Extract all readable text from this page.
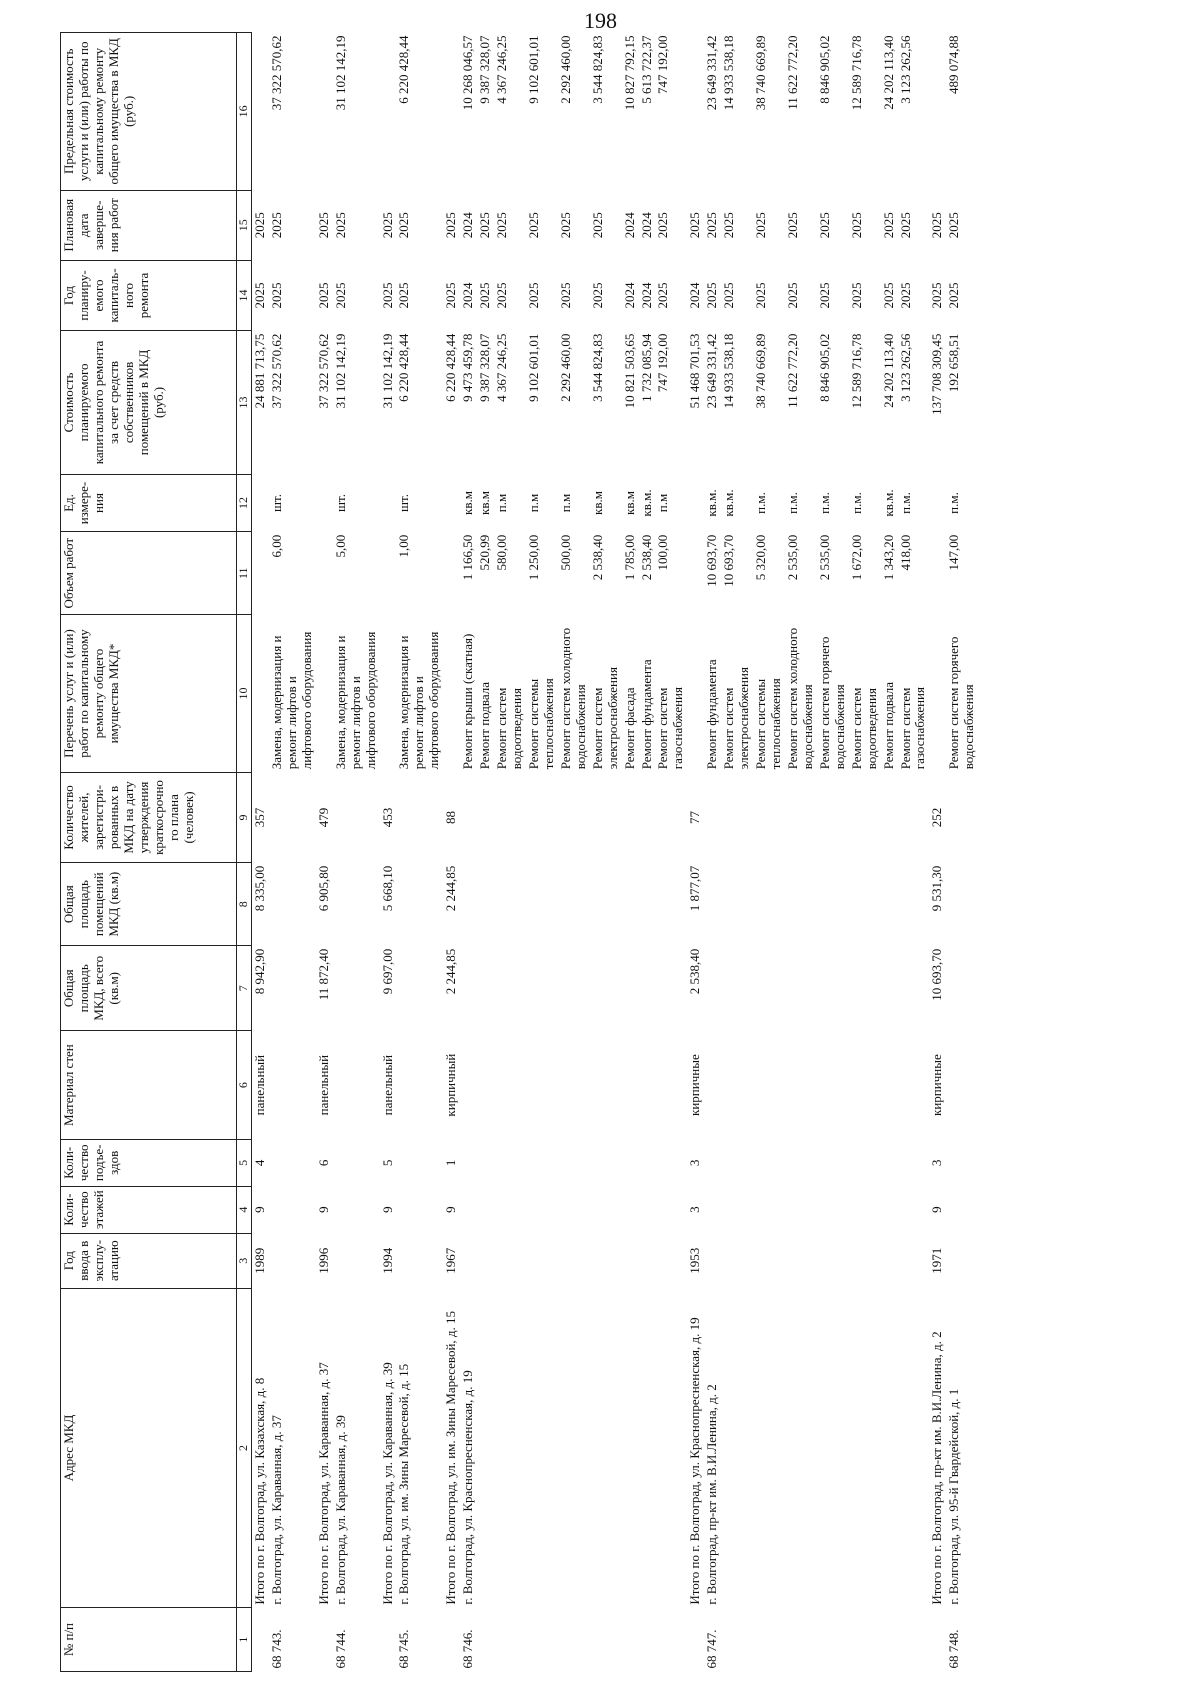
198
№ п/п	Адрес МКД	Год ввода в эксплу-атацию	Коли-чество этажей	Коли-чество подъе-здов	Материал стен	Общая площадь МКД, всего (кв.м)	Общая площадь помещений МКД (кв.м)	Количество жителей, зарегистри-рованных в МКД на дату утверждения краткосрочно го плана (человек)	Перечень услуг и (или) работ по капитальному ремонту общего имущества МКД*	Объем работ	Ед. измере-ния	Стоимость планируемого капитального ремонта за счет средств собственников помещений в МКД (руб.)	Год планиру-емого капиталь-ного ремонта	Плановая дата заверше-ния работ	Предельная стоимость услуги и (или) работы по капитальному ремонту общего имущества в МКД (руб.)
1	2	3	4	5	6	7	8	9	10	11	12	13	14	15	16
	Итого по г. Волгоград, ул. Казахская, д. 8	1989	9	4	панельный	8 942,90	8 335,00	357				24 881 713,75	2025	2025	
68 743.	г. Волгоград, ул. Караванная, д. 37								Замена, модернизация и ремонт лифтов и лифтового оборудования	6,00	шт.	37 322 570,62	2025	2025	37 322 570,62
	Итого по г. Волгоград, ул. Караванная, д. 37	1996	9	6	панельный	11 872,40	6 905,80	479				37 322 570,62	2025	2025	
68 744.	г. Волгоград, ул. Караванная, д. 39								Замена, модернизация и ремонт лифтов и лифтового оборудования	5,00	шт.	31 102 142,19	2025	2025	31 102 142,19
	Итого по г. Волгоград, ул. Караванная, д. 39	1994	9	5	панельный	9 697,00	5 668,10	453				31 102 142,19	2025	2025	
68 745.	г. Волгоград, ул. им. Зины Маресевой, д. 15								Замена, модернизация и ремонт лифтов и лифтового оборудования	1,00	шт.	6 220 428,44	2025	2025	6 220 428,44
	Итого по г. Волгоград, ул. им. Зины Маресевой, д. 15	1967	9	1	кирпичный	2 244,85	2 244,85	88				6 220 428,44	2025	2025	
68 746.	г. Волгоград, ул. Краснопресненская, д. 19								Ремонт крыши (скатная)	1 166,50	кв.м	9 473 459,78	2024	2024	10 268 046,57
									Ремонт подвала	520,99	кв.м	9 387 328,07	2025	2025	9 387 328,07
									Ремонт систем водоотведения	580,00	п.м	4 367 246,25	2025	2025	4 367 246,25
									Ремонт системы теплоснабжения	1 250,00	п.м	9 102 601,01	2025	2025	9 102 601,01
									Ремонт систем холодного водоснабжения	500,00	п.м	2 292 460,00	2025	2025	2 292 460,00
									Ремонт систем электроснабжения	2 538,40	кв.м	3 544 824,83	2025	2025	3 544 824,83
									Ремонт фасада	1 785,00	кв.м	10 821 503,65	2024	2024	10 827 792,15
									Ремонт фундамента	2 538,40	кв.м.	1 732 085,94	2024	2024	5 613 722,37
									Ремонт систем газоснабжения	100,00	п.м	747 192,00	2025	2025	747 192,00
	Итого по г. Волгоград, ул. Краснопресненская, д. 19	1953	3	3	кирпичные	2 538,40	1 877,07	77				51 468 701,53	2024	2025	
68 747.	г. Волгоград, пр-кт им. В.И.Ленина, д. 2								Ремонт фундамента	10 693,70	кв.м.	23 649 331,42	2025	2025	23 649 331,42
									Ремонт систем электроснабжения	10 693,70	кв.м.	14 933 538,18	2025	2025	14 933 538,18
									Ремонт системы теплоснабжения	5 320,00	п.м.	38 740 669,89	2025	2025	38 740 669,89
									Ремонт систем холодного водоснабжения	2 535,00	п.м.	11 622 772,20	2025	2025	11 622 772,20
									Ремонт систем горячего водоснабжения	2 535,00	п.м.	8 846 905,02	2025	2025	8 846 905,02
									Ремонт систем водоотведения	1 672,00	п.м.	12 589 716,78	2025	2025	12 589 716,78
									Ремонт подвала	1 343,20	кв.м.	24 202 113,40	2025	2025	24 202 113,40
									Ремонт систем газоснабжения	418,00	п.м.	3 123 262,56	2025	2025	3 123 262,56
	Итого по г. Волгоград, пр-кт им. В.И.Ленина, д. 2	1971	9	3	кирпичные	10 693,70	9 531,30	252				137 708 309,45	2025	2025	
68 748.	г. Волгоград, ул. 95-й Гвардейской, д. 1								Ремонт систем горячего водоснабжения	147,00	п.м.	192 658,51	2025	2025	489 074,88
